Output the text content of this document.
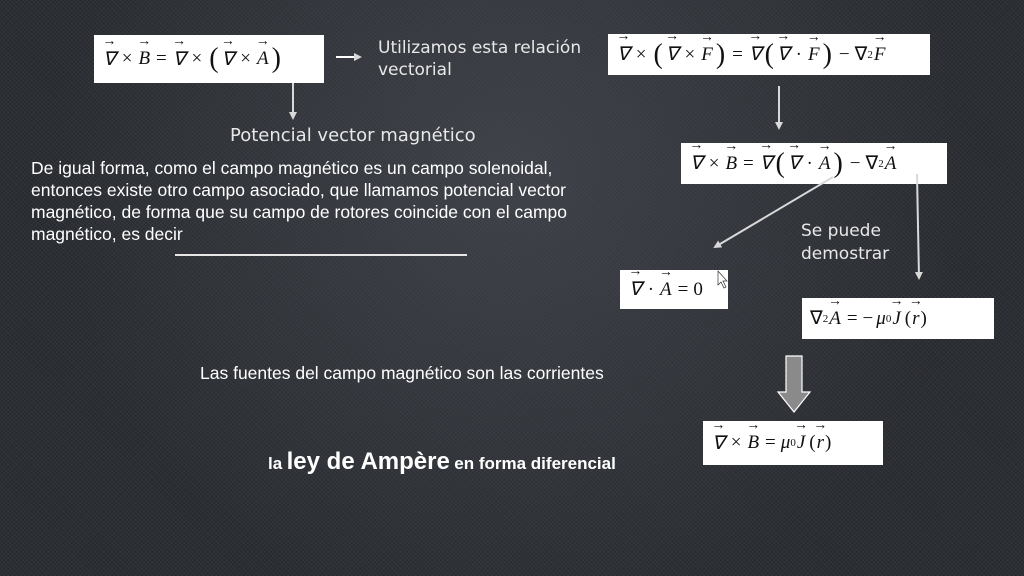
→ ∇ × → B = → ∇ × ( → ∇ × → A )	Utilizamos esta relación vectorial
→ ∇ × ( → ∇ × → F ) = → ∇ ( → ∇ · → F ) − ∇ 2 → F
Potencial vector magnético
De igual forma, como el campo magnético es un campo solenoidal,
entonces existe otro campo asociado, que llamamos potencial vector
magnético, de forma que su campo de rotores coincide con el campo
magnético, es decir
→ ∇ × → B = → ∇ ( → ∇ · → A ) − ∇ 2 → A
Se puede
demostrar
→ ∇ · → A = 0
∇ 2 → A = − μ 0 → J ( → r )
Las fuentes del campo magnético son las corrientes
→ ∇ × → B = μ 0 → J ( → r )
la ley de Ampère en forma diferencial
